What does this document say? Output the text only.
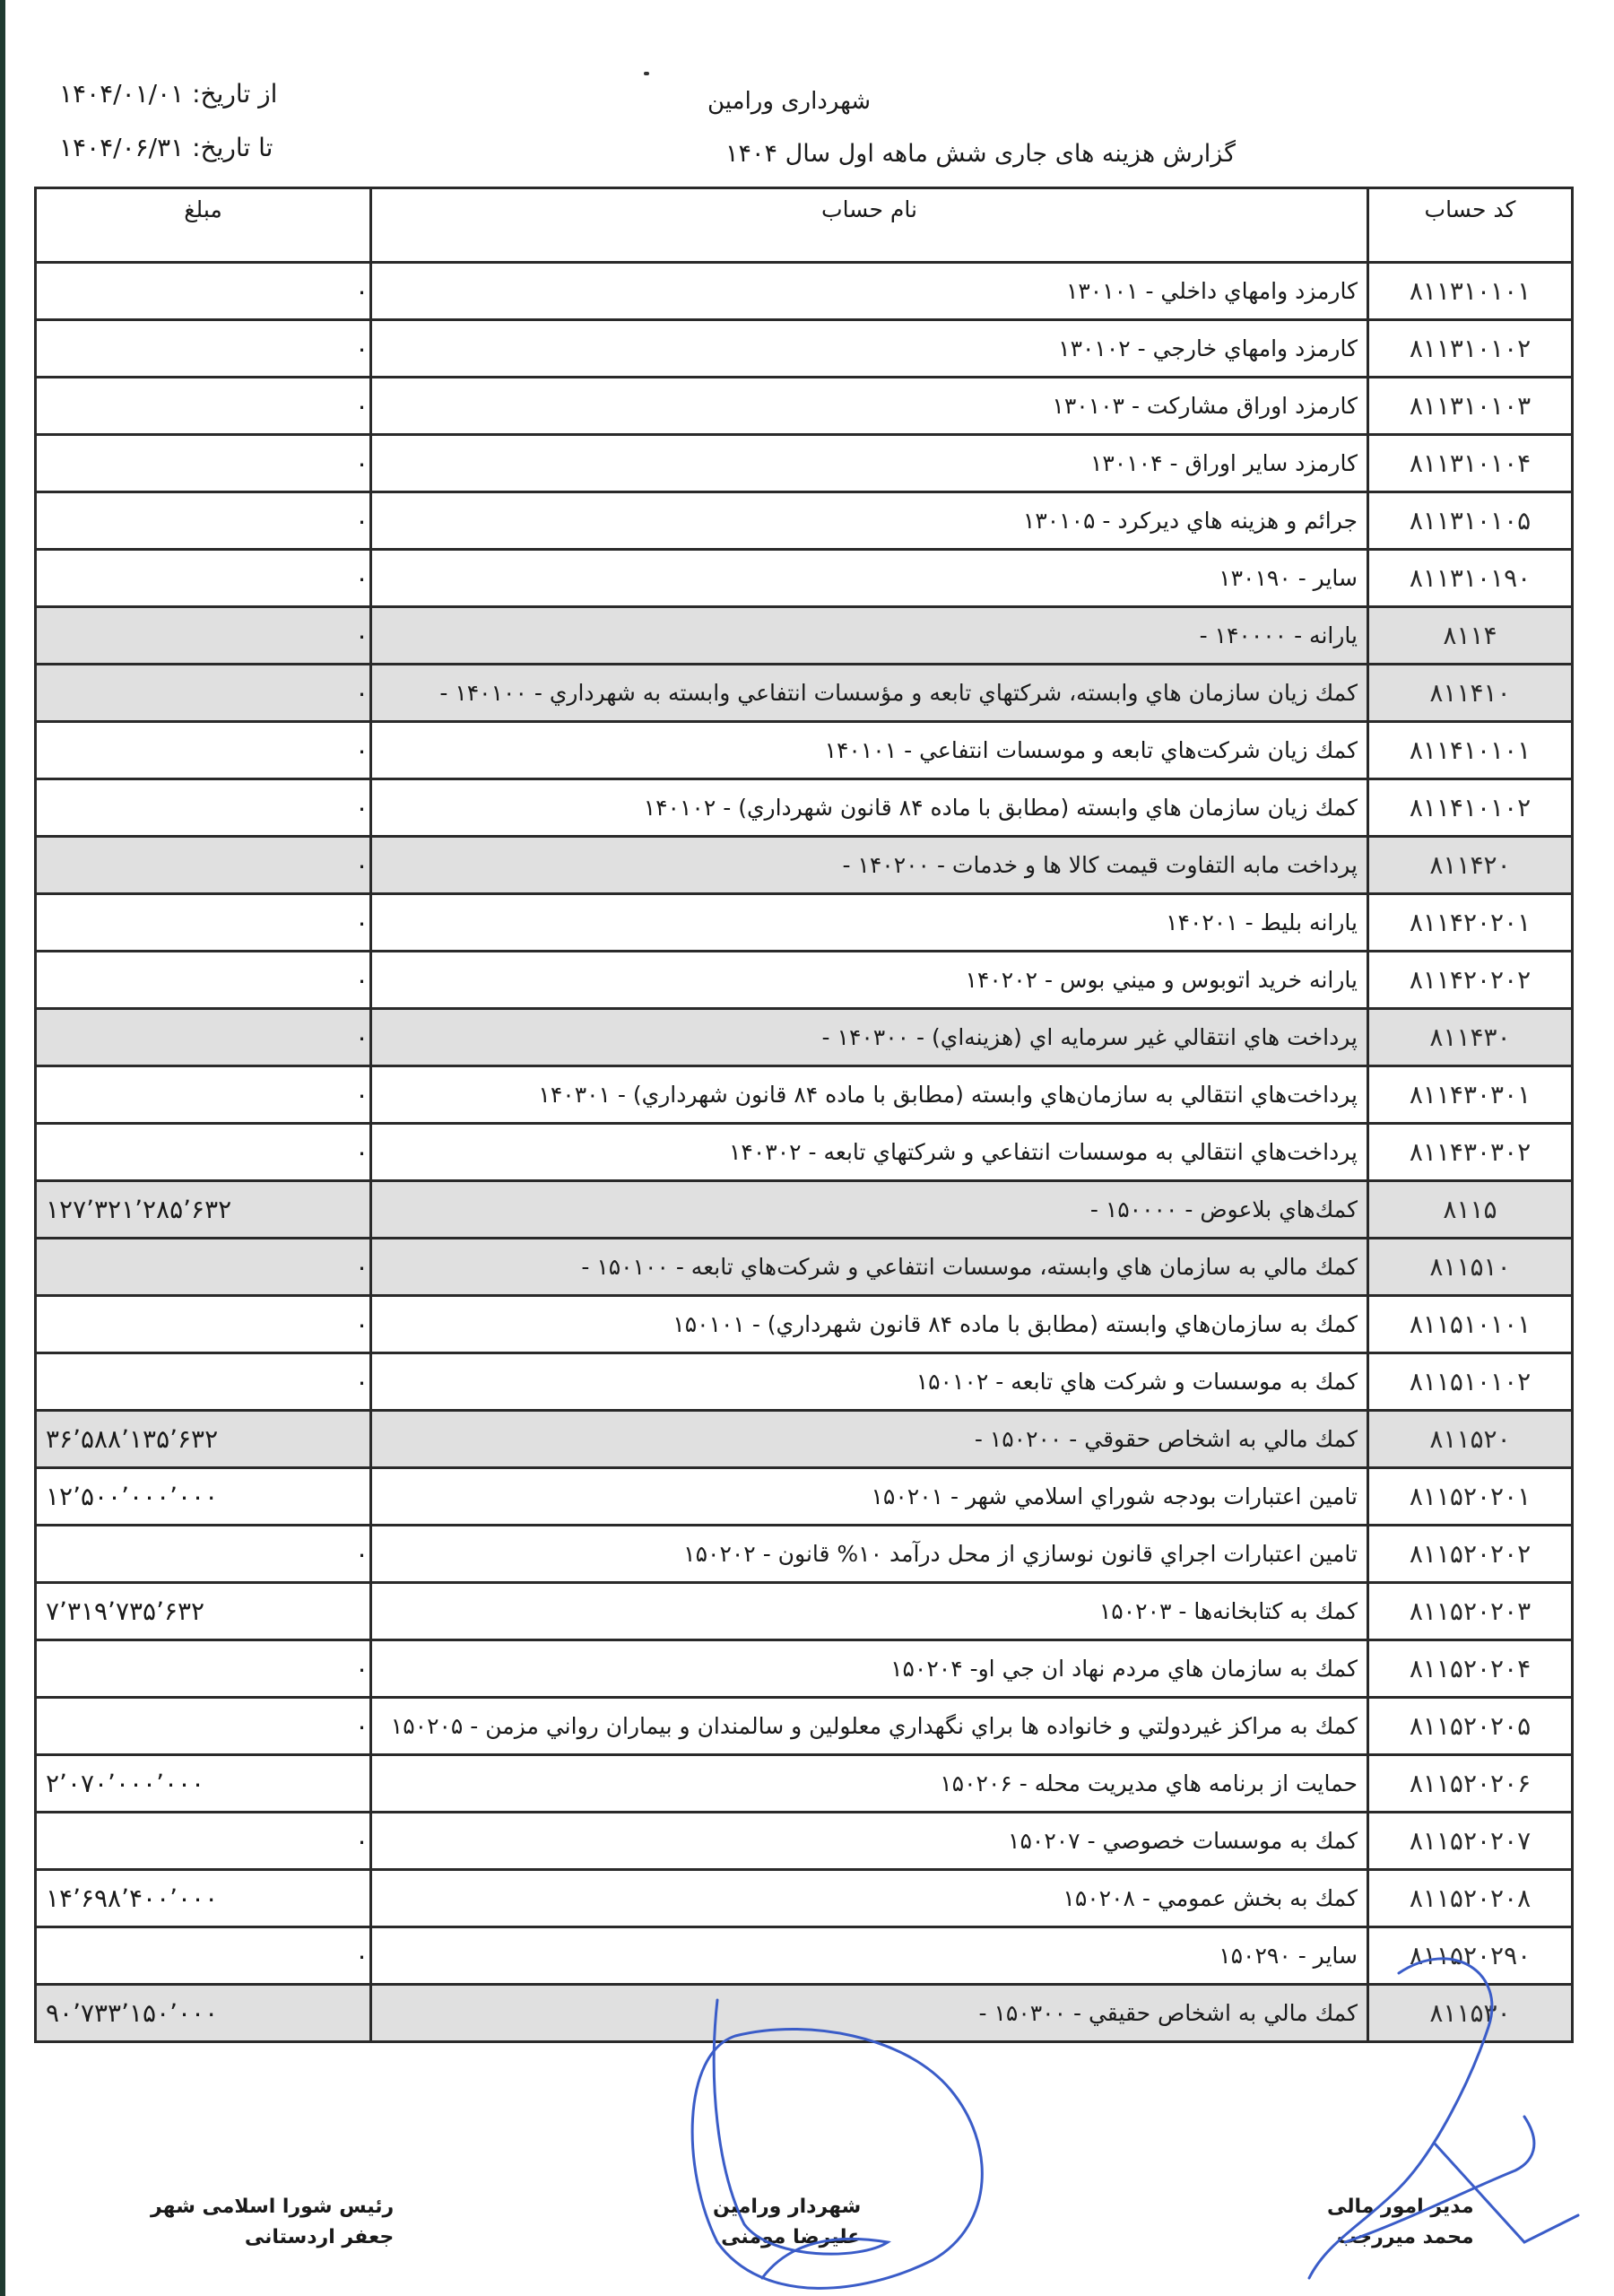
شهرداری ورامین
گزارش هزینه های جاری شش ماهه اول سال ۱۴۰۴
از تاریخ: ۱۴۰۴/۰۱/۰۱
تا تاریخ: ۱۴۰۴/۰۶/۳۱
کد حساب	نام حساب	مبلغ
۸۱۱۳۱۰۱۰۱	کارمزد وامهاي داخلي - ۱۳۰۱۰۱	۰
۸۱۱۳۱۰۱۰۲	کارمزد وامهاي خارجي - ۱۳۰۱۰۲	۰
۸۱۱۳۱۰۱۰۳	کارمزد اوراق مشارکت - ۱۳۰۱۰۳	۰
۸۱۱۳۱۰۱۰۴	کارمزد ساير اوراق - ۱۳۰۱۰۴	۰
۸۱۱۳۱۰۱۰۵	جرائم و هزينه هاي ديرکرد - ۱۳۰۱۰۵	۰
۸۱۱۳۱۰۱۹۰	ساير - ۱۳۰۱۹۰	۰
۸۱۱۴	يارانه - ۱۴۰۰۰۰ -	۰
۸۱۱۴۱۰	کمك زيان سازمان هاي وابسته، شرکتهاي تابعه و مؤسسات انتفاعي وابسته به شهرداري - ۱۴۰۱۰۰ -	۰
۸۱۱۴۱۰۱۰۱	کمك زيان شرکت‌هاي تابعه و موسسات انتفاعي - ۱۴۰۱۰۱	۰
۸۱۱۴۱۰۱۰۲	کمك زيان سازمان هاي وابسته (مطابق با ماده ۸۴ قانون شهرداري) - ۱۴۰۱۰۲	۰
۸۱۱۴۲۰	پرداخت مابه التفاوت قيمت کالا ها و خدمات - ۱۴۰۲۰۰ -	۰
۸۱۱۴۲۰۲۰۱	يارانه بليط - ۱۴۰۲۰۱	۰
۸۱۱۴۲۰۲۰۲	يارانه خريد اتوبوس و ميني بوس - ۱۴۰۲۰۲	۰
۸۱۱۴۳۰	پرداخت هاي انتقالي غير سرمايه اي (هزينه‌اي) - ۱۴۰۳۰۰ -	۰
۸۱۱۴۳۰۳۰۱	پرداخت‌هاي انتقالي به سازمان‌هاي وابسته (مطابق با ماده ۸۴ قانون شهرداري) - ۱۴۰۳۰۱	۰
۸۱۱۴۳۰۳۰۲	پرداخت‌هاي انتقالي به موسسات انتفاعي و شرکتهاي تابعه - ۱۴۰۳۰۲	۰
۸۱۱۵	کمك‌هاي بلاعوض - ۱۵۰۰۰۰ -	۱۲۷٬۳۲۱٬۲۸۵٬۶۳۲
۸۱۱۵۱۰	کمك مالي به سازمان هاي وابسته، موسسات انتفاعي و شرکت‌هاي تابعه - ۱۵۰۱۰۰ -	۰
۸۱۱۵۱۰۱۰۱	کمك به سازمان‌هاي وابسته (مطابق با ماده ۸۴ قانون شهرداري) - ۱۵۰۱۰۱	۰
۸۱۱۵۱۰۱۰۲	کمك به موسسات و شرکت هاي تابعه - ۱۵۰۱۰۲	۰
۸۱۱۵۲۰	کمك مالي به اشخاص حقوقي - ۱۵۰۲۰۰ -	۳۶٬۵۸۸٬۱۳۵٬۶۳۲
۸۱۱۵۲۰۲۰۱	تامين اعتبارات بودجه شوراي اسلامي شهر - ۱۵۰۲۰۱	۱۲٬۵۰۰٬۰۰۰٬۰۰۰
۸۱۱۵۲۰۲۰۲	تامين اعتبارات اجراي قانون نوسازي از محل درآمد ۱۰% قانون - ۱۵۰۲۰۲	۰
۸۱۱۵۲۰۲۰۳	کمك به کتابخانه‌ها - ۱۵۰۲۰۳	۷٬۳۱۹٬۷۳۵٬۶۳۲
۸۱۱۵۲۰۲۰۴	کمك به سازمان هاي مردم نهاد ان جي او- ۱۵۰۲۰۴	۰
۸۱۱۵۲۰۲۰۵	کمك به مراکز غيردولتي و خانواده ها براي نگهداري معلولين و سالمندان و بيماران رواني مزمن - ۱۵۰۲۰۵	۰
۸۱۱۵۲۰۲۰۶	حمايت از برنامه هاي مديريت محله - ۱۵۰۲۰۶	۲٬۰۷۰٬۰۰۰٬۰۰۰
۸۱۱۵۲۰۲۰۷	کمك به موسسات خصوصي - ۱۵۰۲۰۷	۰
۸۱۱۵۲۰۲۰۸	کمك به بخش عمومي - ۱۵۰۲۰۸	۱۴٬۶۹۸٬۴۰۰٬۰۰۰
۸۱۱۵۲۰۲۹۰	ساير - ۱۵۰۲۹۰	۰
۸۱۱۵۳۰	کمك مالي به اشخاص حقيقي - ۱۵۰۳۰۰ -	۹۰٬۷۳۳٬۱۵۰٬۰۰۰
رئيس شورا اسلامی شهر
جعفر اردستانی
شهردار ورامين
عليرضا مومنی
مدير امور مالی
محمد ميررجب
